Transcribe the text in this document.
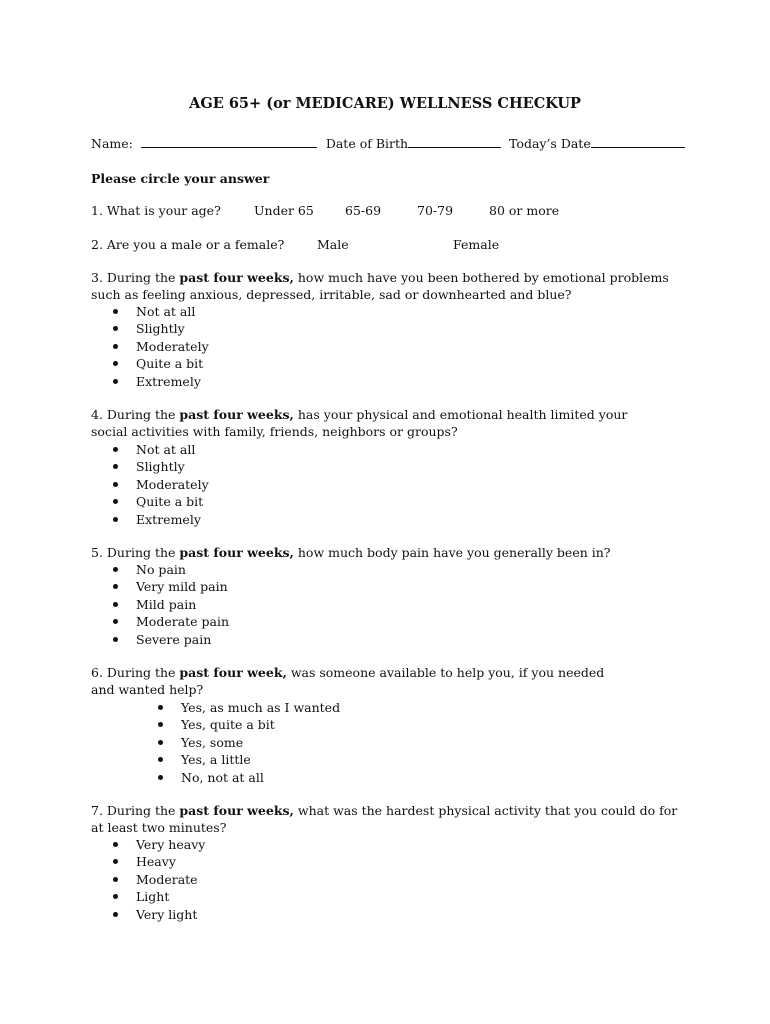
AGE 65+ (or MEDICARE) WELLNESS CHECKUP
Name:	Date of Birth	Today’s Date
Please circle your answer
1. What is your age?	Under 65 65-69	70-79	80 or more
2. Are you a male or a female?	Male	Female
3. During the past four weeks, how much have you been bothered by emotional problems such as feeling anxious, depressed, irritable, sad or downhearted and blue?
Not at all
Slightly
Moderately
Quite a bit
Extremely
4. During the past four weeks, has your physical and emotional health limited your social activities with family, friends, neighbors or groups?
Not at all
Slightly
Moderately
Quite a bit
Extremely
5. During the past four weeks, how much body pain have you generally been in?
No pain
Very mild pain
Mild pain
Moderate pain
Severe pain
6. During the past four week, was someone available to help you, if you needed
and wanted help?
Yes, as much as I wanted
Yes, quite a bit
Yes, some
Yes, a little
No, not at all
7. During the past four weeks, what was the hardest physical activity that you could do for at least two minutes?
Very heavy
Heavy
Moderate
Light
Very light
